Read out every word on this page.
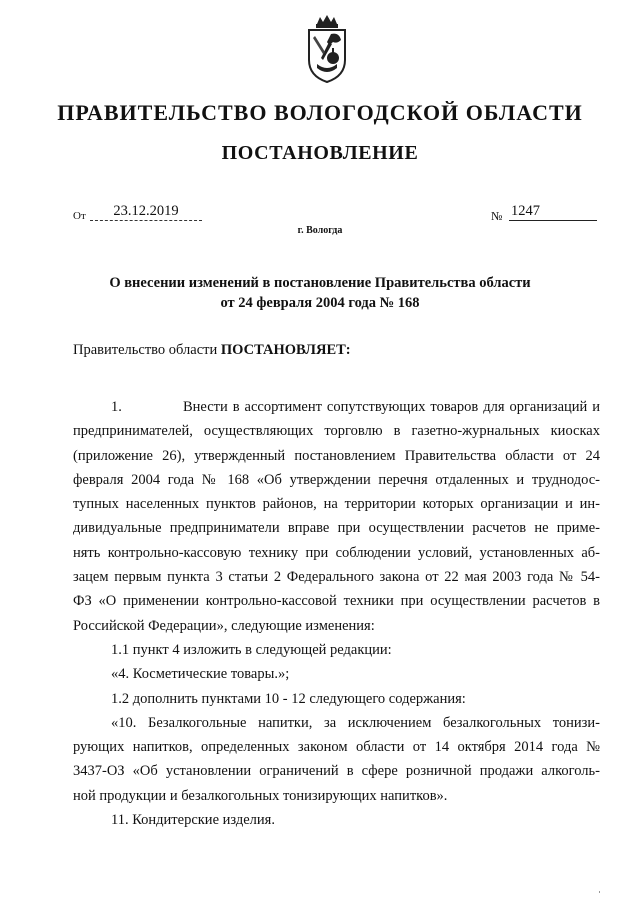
ПРАВИТЕЛЬСТВО ВОЛОГОДСКОЙ ОБЛАСТИ
ПОСТАНОВЛЕНИЕ
От	23.12.2019	№ 1247
г. Вологда
О внесении изменений в постановление Правительства области
от 24 февраля 2004 года № 168
Правительство области ПОСТАНОВЛЯЕТ:
1.	Внести в ассортимент сопутствующих товаров для организаций и
предпринимателей, осуществляющих торговлю в газетно-журнальных киосках
(приложение 26), утвержденный постановлением Правительства области от 24
февраля 2004 года № 168 «Об утверждении перечня отдаленных и труднодос-
тупных населенных пунктов районов, на территории которых организации и ин-
дивидуальные предприниматели вправе при осуществлении расчетов не приме-
нять контрольно-кассовую технику при соблюдении условий, установленных аб-
зацем первым пункта 3 статьи 2 Федерального закона от 22 мая 2003 года № 54-
ФЗ «О применении контрольно-кассовой техники при осуществлении расчетов в
Российской Федерации», следующие изменения:
1.1 пункт 4 изложить в следующей редакции:
«4. Косметические товары.»;
1.2 дополнить пунктами 10 - 12 следующего содержания:
«10. Безалкогольные напитки, за исключением безалкогольных тонизи-
рующих напитков, определенных законом области от 14 октября 2014 года №
3437-ОЗ «Об установлении ограничений в сфере розничной продажи алкоголь-
ной продукции и безалкогольных тонизирующих напитков».
11. Кондитерские изделия.
